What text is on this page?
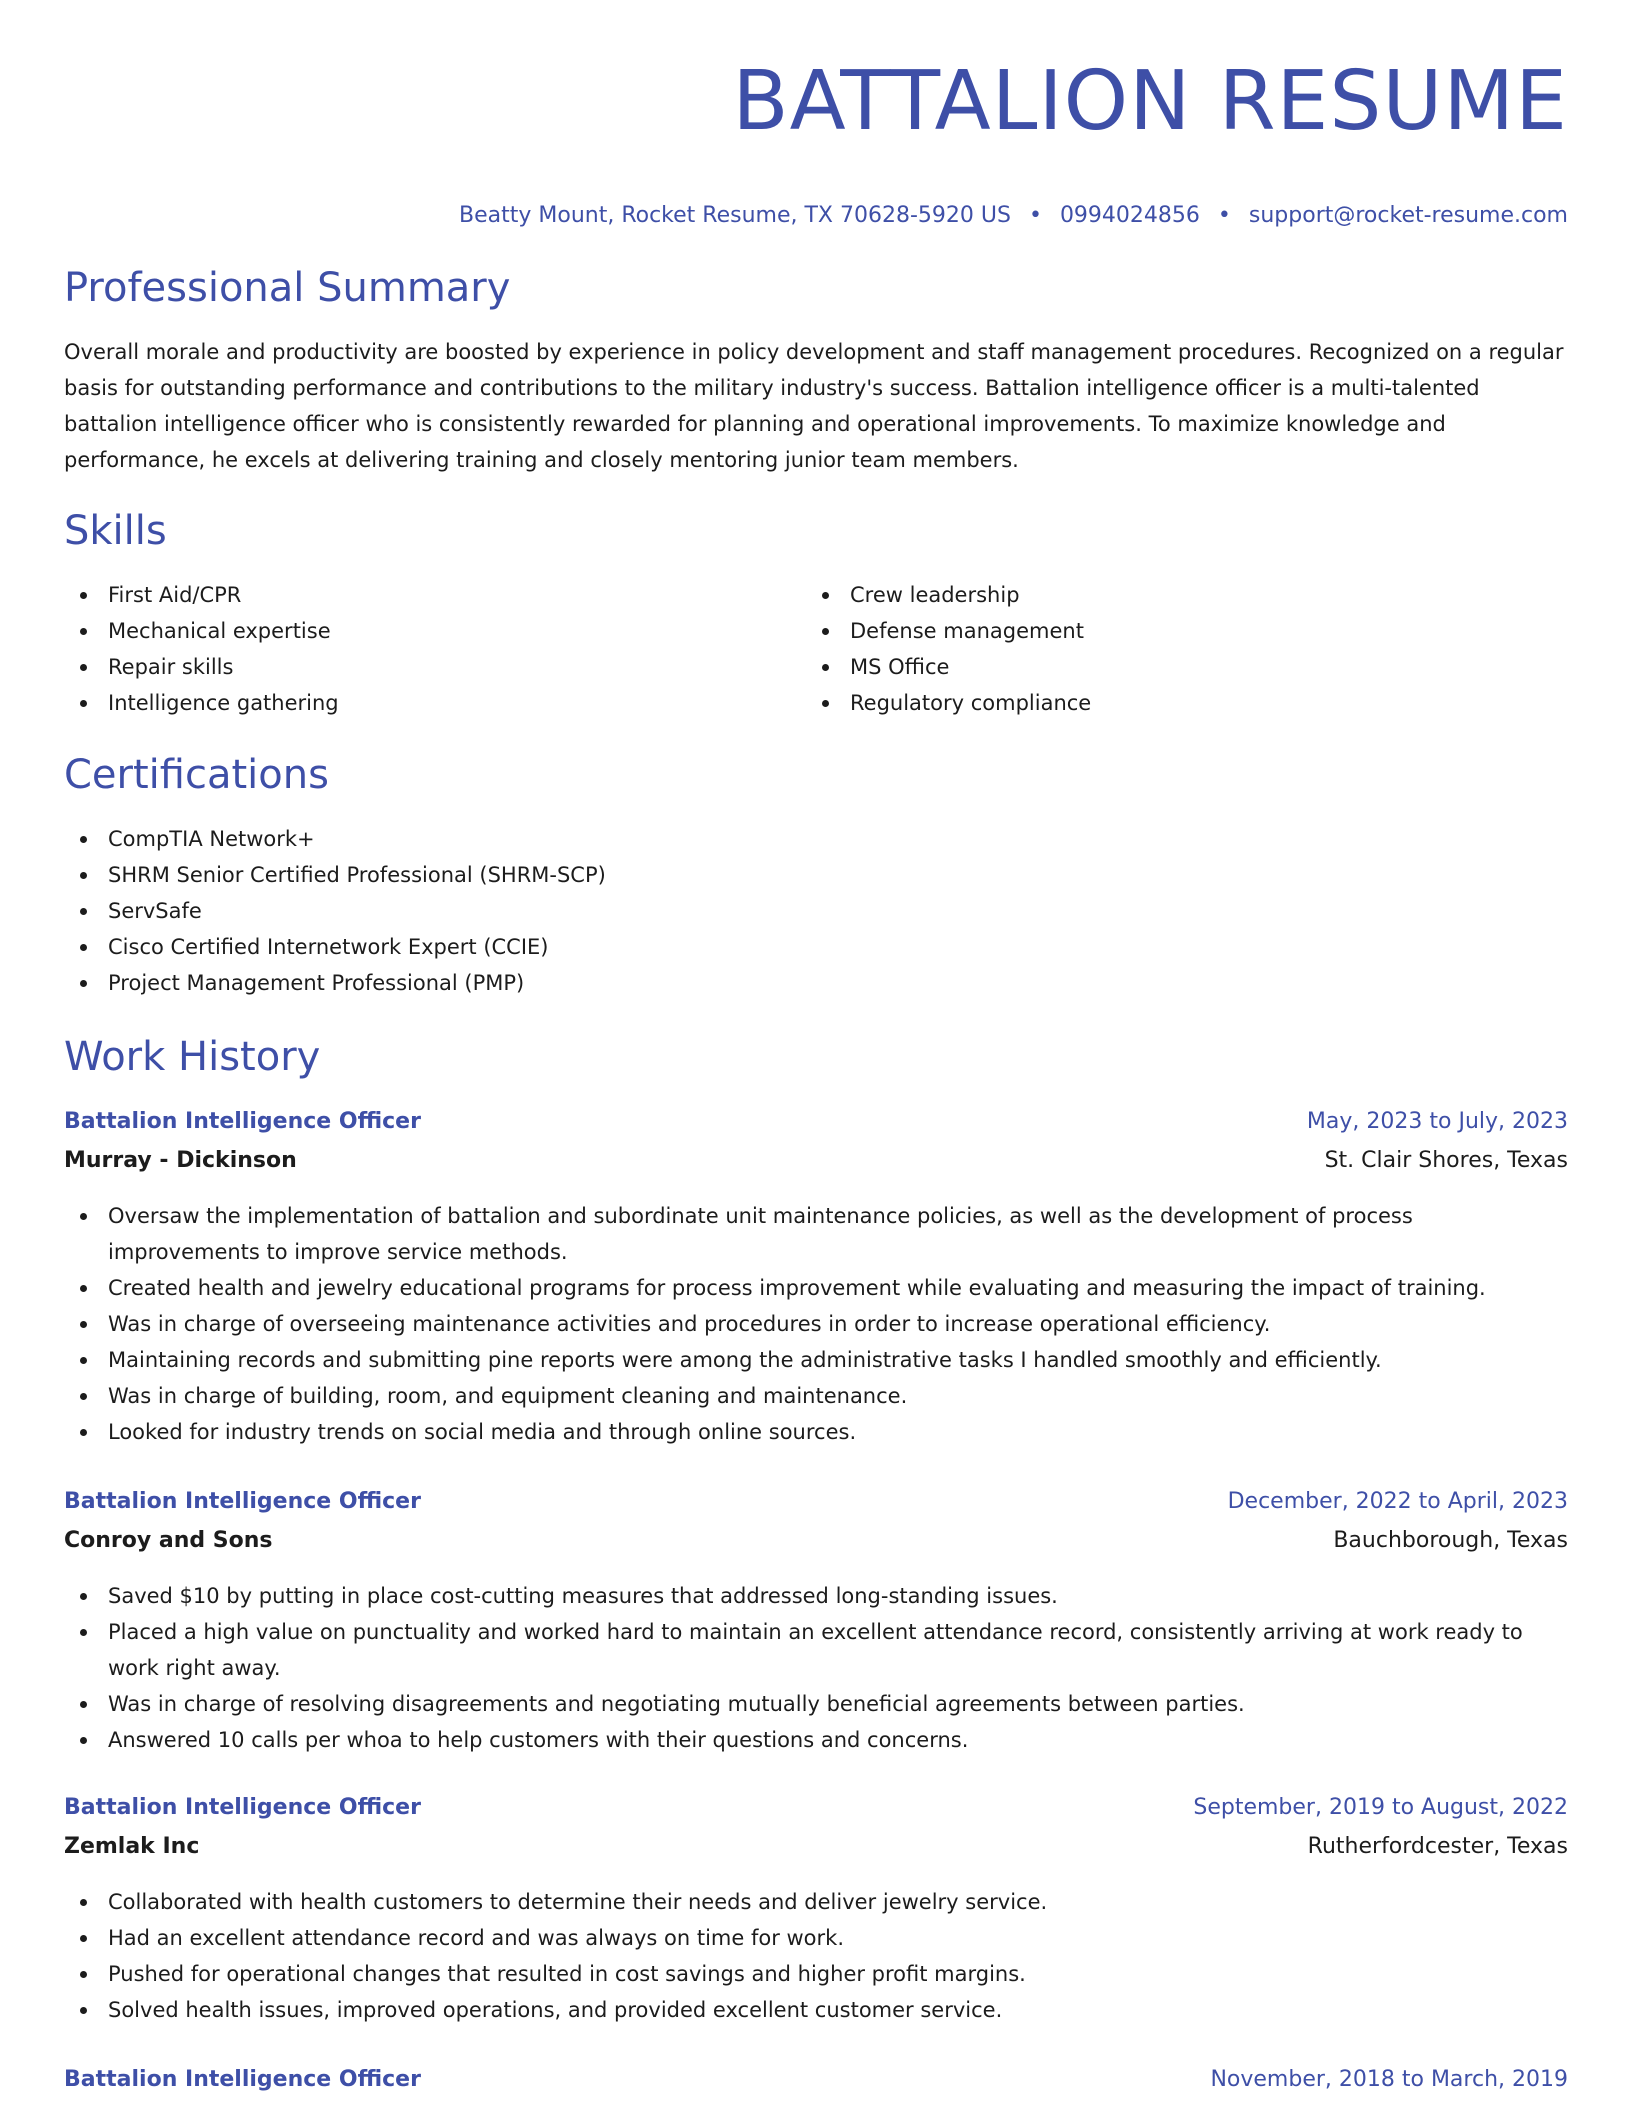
BATTALION RESUME
Beatty Mount, Rocket Resume, TX 70628-5920 US • 0994024856 • support@rocket-resume.com
Professional Summary

Overall morale and productivity are boosted by experience in policy development and staff management procedures. Recognized on a regular basis for outstanding performance and contributions to the military industry's success. Battalion intelligence officer is a multi-talented battalion intelligence officer who is consistently rewarded for planning and operational improvements. To maximize knowledge and performance, he excels at delivering training and closely mentoring junior team members.

Skills
First Aid/CPR
Mechanical expertise
Repair skills
Intelligence gathering
Crew leadership
Defense management
MS Office
Regulatory compliance
Certifications
CompTIA Network+
SHRM Senior Certified Professional (SHRM-SCP)
ServSafe
Cisco Certified Internetwork Expert (CCIE)
Project Management Professional (PMP)
Work History
Battalion Intelligence Officer	May, 2023 to July, 2023
Murray - Dickinson	St. Clair Shores, Texas
Oversaw the implementation of battalion and subordinate unit maintenance policies, as well as the development of process improvements to improve service methods.
Created health and jewelry educational programs for process improvement while evaluating and measuring the impact of training.
Was in charge of overseeing maintenance activities and procedures in order to increase operational efficiency.
Maintaining records and submitting pine reports were among the administrative tasks I handled smoothly and efficiently.
Was in charge of building, room, and equipment cleaning and maintenance.
Looked for industry trends on social media and through online sources.
Battalion Intelligence Officer	December, 2022 to April, 2023
Conroy and Sons	Bauchborough, Texas
Saved $10 by putting in place cost-cutting measures that addressed long-standing issues.
Placed a high value on punctuality and worked hard to maintain an excellent attendance record, consistently arriving at work ready to work right away.
Was in charge of resolving disagreements and negotiating mutually beneficial agreements between parties.
Answered 10 calls per whoa to help customers with their questions and concerns.
Battalion Intelligence Officer	September, 2019 to August, 2022
Zemlak Inc	Rutherfordcester, Texas
Collaborated with health customers to determine their needs and deliver jewelry service.
Had an excellent attendance record and was always on time for work.
Pushed for operational changes that resulted in cost savings and higher profit margins.
Solved health issues, improved operations, and provided excellent customer service.
Battalion Intelligence Officer	November, 2018 to March, 2019
